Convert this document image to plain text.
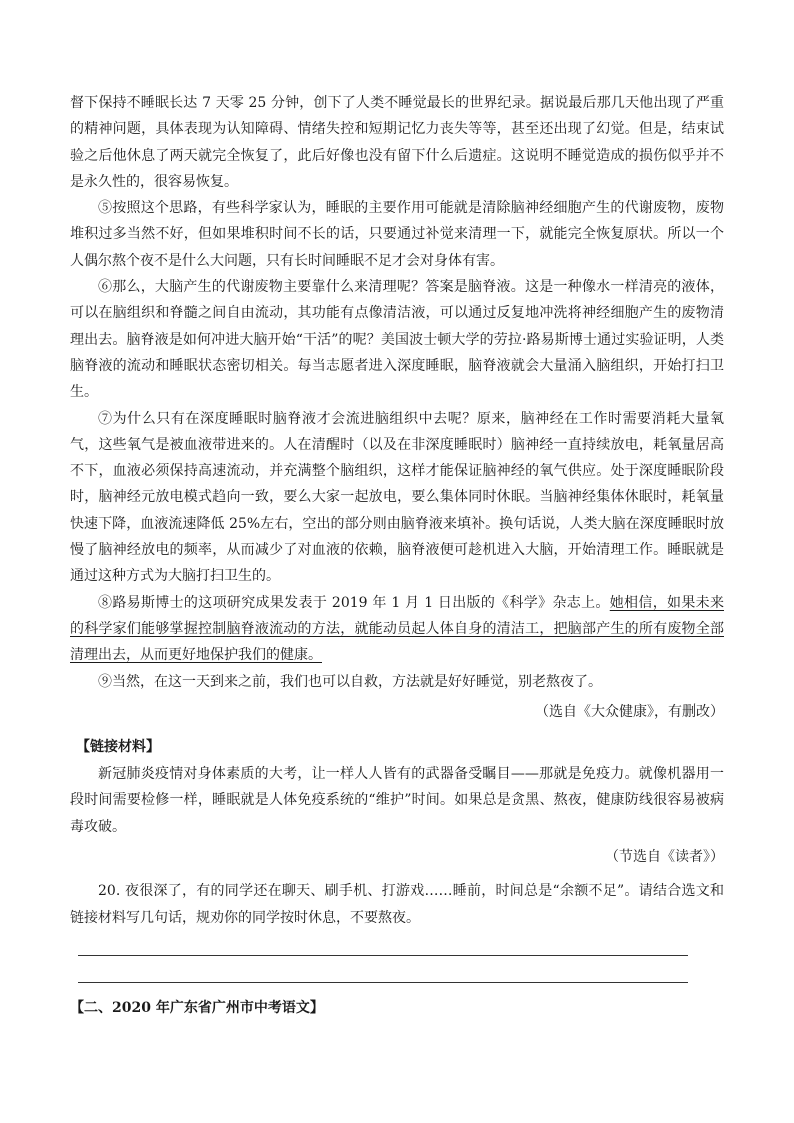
督下保持不睡眠长达 7 天零 25 分钟，创下了人类不睡觉最长的世界纪录。据说最后那几天他出现了严重的精神问题，具体表现为认知障碍、情绪失控和短期记忆力丧失等等，甚至还出现了幻觉。但是，结束试验之后他休息了两天就完全恢复了，此后好像也没有留下什么后遗症。这说明不睡觉造成的损伤似乎并不是永久性的，很容易恢复。

⑤按照这个思路，有些科学家认为，睡眠的主要作用可能就是清除脑神经细胞产生的代谢废物，废物堆积过多当然不好，但如果堆积时间不长的话，只要通过补觉来清理一下，就能完全恢复原状。所以一个人偶尔熬个夜不是什么大问题，只有长时间睡眠不足才会对身体有害。

⑥那么，大脑产生的代谢废物主要靠什么来清理呢？答案是脑脊液。这是一种像水一样清亮的液体，可以在脑组织和脊髓之间自由流动，其功能有点像清洁液，可以通过反复地冲洗将神经细胞产生的废物清理出去。脑脊液是如何冲进大脑开始“干活”的呢？美国波士顿大学的劳拉·路易斯博士通过实验证明，人类脑脊液的流动和睡眠状态密切相关。每当志愿者进入深度睡眠，脑脊液就会大量涌入脑组织，开始打扫卫生。

⑦为什么只有在深度睡眠时脑脊液才会流进脑组织中去呢？原来，脑神经在工作时需要消耗大量氧气，这些氧气是被血液带进来的。人在清醒时（以及在非深度睡眠时）脑神经一直持续放电，耗氧量居高不下，血液必须保持高速流动，并充满整个脑组织，这样才能保证脑神经的氧气供应。处于深度睡眠阶段时，脑神经元放电模式趋向一致，要么大家一起放电，要么集体同时休眠。当脑神经集体休眠时，耗氧量快速下降，血液流速降低 25%左右，空出的部分则由脑脊液来填补。换句话说，人类大脑在深度睡眠时放慢了脑神经放电的频率，从而减少了对血液的依赖，脑脊液便可趁机进入大脑，开始清理工作。睡眠就是通过这种方式为大脑打扫卫生的。

⑧路易斯博士的这项研究成果发表于 2019 年 1 月 1 日出版的《科学》杂志上。她相信，如果未来的科学家们能够掌握控制脑脊液流动的方法，就能动员起人体自身的清洁工，把脑部产生的所有废物全部清理出去，从而更好地保护我们的健康。

⑨当然，在这一天到来之前，我们也可以自救，方法就是好好睡觉，别老熬夜了。

（选自《大众健康》，有删改）
【链接材料】

新冠肺炎疫情对身体素质的大考，让一样人人皆有的武器备受瞩目——那就是免疫力。就像机器用一段时间需要检修一样，睡眠就是人体免疫系统的“维护”时间。如果总是贪黑、熬夜，健康防线很容易被病毒攻破。

（节选自《读者》）

20. 夜很深了，有的同学还在聊天、刷手机、打游戏……睡前，时间总是“余额不足”。请结合选文和链接材料写几句话，规劝你的同学按时休息，不要熬夜。

【二、2020 年广东省广州市中考语文】
